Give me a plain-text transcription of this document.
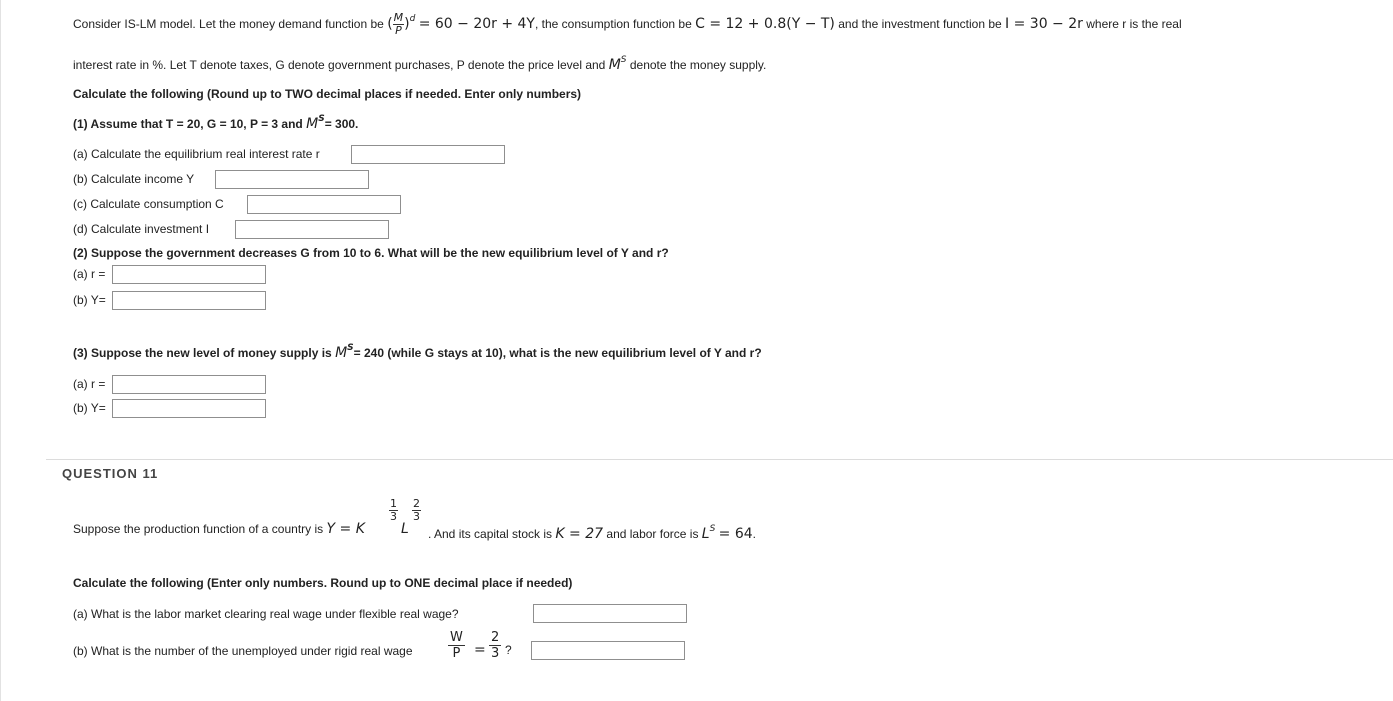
Consider IS-LM model. Let the money demand function be ( $\frac{M}{P} )^d = 60 - 20r + 4Y$, the consumption function be C = 12 + 0.8(Y − T) and the investment function be I = 30 − 2r where r is the real
interest rate in %. Let T denote taxes, G denote government purchases, P denote the price level and $M^S$ denote the money supply.
Calculate the following (Round up to TWO decimal places if needed. Enter only numbers)
(1) Assume that T = 20, G = 10, P = 3 and $M^S= 300$.
(a) Calculate the equilibrium real interest rate r
(b) Calculate income Y
(c) Calculate consumption C
(d) Calculate investment I
(2) Suppose the government decreases G from 10 to 6. What will be the new equilibrium level of Y and r?
(a) r =
(b) Y=
(3) Suppose the new level of money supply is $M^S= 240$ (while G stays at 10), what is the new equilibrium level of Y and r?
(a) r =
(b) Y=
QUESTION 11
Suppose the production function of a country is Y = K
1
3
L
2
3
. And its capital stock is K = 27 and labor force is $L^S = 64$.
Calculate the following (Enter only numbers. Round up to ONE decimal place if needed)
(a) What is the labor market clearing real wage under flexible real wage?
(b) What is the number of the unemployed under rigid real wage
W
P =
2
3 ?
